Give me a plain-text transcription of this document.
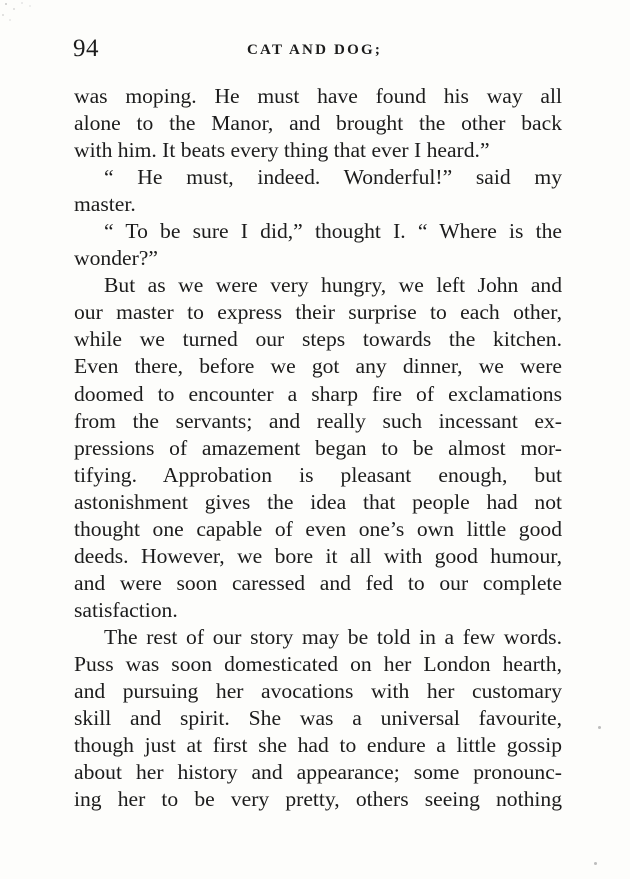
94	CAT AND DOG;
was moping. He must have found his way all
alone to the Manor, and brought the other back
with him. It beats every thing that ever I heard.”
“ He must, indeed. Wonderful!” said my
master.
“ To be sure I did,” thought I. “ Where is the
wonder?”
But as we were very hungry, we left John and
our master to express their surprise to each other,
while we turned our steps towards the kitchen.
Even there, before we got any dinner, we were
doomed to encounter a sharp fire of exclamations
from the servants; and really such incessant ex-
pressions of amazement began to be almost mor-
tifying. Approbation is pleasant enough, but
astonishment gives the idea that people had not
thought one capable of even one’s own little good
deeds. However, we bore it all with good humour,
and were soon caressed and fed to our complete
satisfaction.
The rest of our story may be told in a few words.
Puss was soon domesticated on her London hearth,
and pursuing her avocations with her customary
skill and spirit. She was a universal favourite,
though just at first she had to endure a little gossip
about her history and appearance; some pronounc-
ing her to be very pretty, others seeing nothing
